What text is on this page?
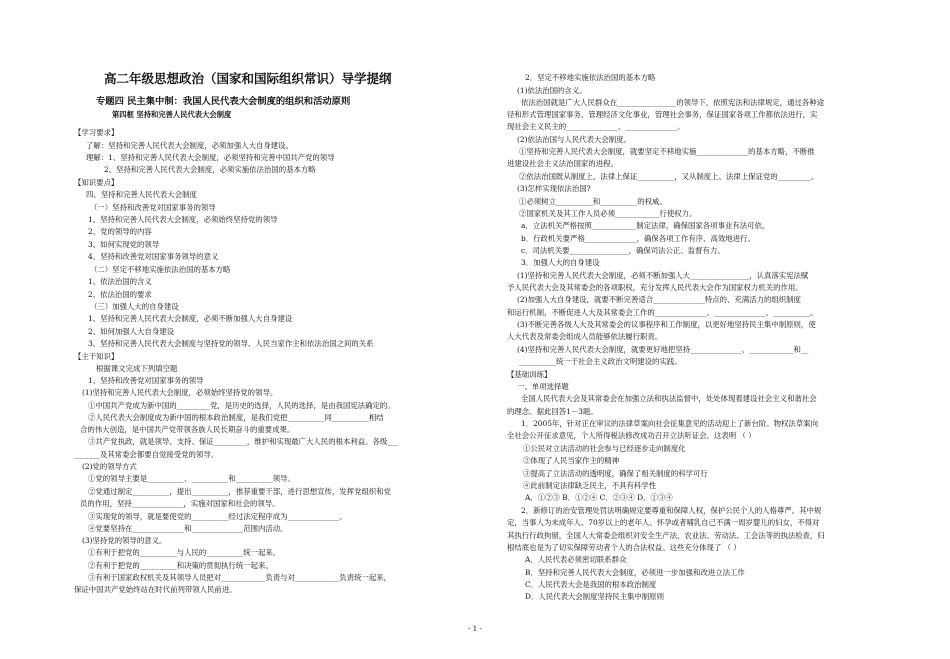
高二年级思想政治（国家和国际组织常识）导学提纲
专题四 民主集中制：我国人民代表大会制度的组织和活动原则
第四框 坚持和完善人民代表大会制度
【学习要求】
了解：坚持和完善人民代表大会制度，必须加强人大自身建设。
理解：1、坚持和完善人民代表大会制度，必须坚持和完善中国共产党的领导
2、坚持和完善人民代表大会制度，必须实施依法治国的基本方略
【知识要点】
四、坚持和完善人民代表大会制度
（一）坚持和改善党对国家事务的领导
1、坚持和完善人民代表大会制度，必须始终坚持党的领导
2、党的领导的内容
3、如何实现党的领导
4、坚持和改善党对国家事务领导的意义
（二）坚定不移地实施依法治国的基本方略
1、依法治国的含义
2、依法治国的要求
（三）加强人大的自身建设
1、坚持和完善人民代表大会制度，必须不断加强人大自身建设
2、如何加强人大自身建设
3、坚持和完善人民代表大会制度与坚持党的领导、人民当家作主和依法治国之间的关系
【主干知识】
根据课文完成下列填空题
1、坚持和改善党对国家事务的领导
(1)坚持和完善人民代表大会制度，必须始终坚持党的领导。
①中国共产党成为新中国的_________党，是历史的选择，人民的选择，是由我国宪法确定的。
②人民代表大会制度成为新中国的根本政治制度，是我们党把__________同__________相结
合的伟大创造，是中国共产党带领各族人民长期奋斗的重要成果。
③共产党执政，就是领导、支持、保证_________，维护和实现最广大人民的根本利益。各级___
_______及其常委会都要自觉接受党的领导。
(2)党的领导方式
①党的领导主要是__________、__________和__________领导。
②党通过制定__________，提出__________，推荐重要干部，进行思想宣传，发挥党组织和党
员的作用，坚持______________，实施对国家和社会的领导。
③实现党的领导，就是要使党的__________经过法定程序成为______________。
④党要坚持在______________和______________范围内活动。
(3)坚持党的领导的意义。
①有利于把党的__________与人民的__________统一起来。
②有利于把党的__________和决策的贯彻执行统一起来。
③有利于国家政权机关及其领导人员把对____________负责与对____________负责统一起来，
保证中国共产党始终站在时代前列带领人民前进。
2．坚定不移地实施依法治国的基本方略
(1)依法治国的含义。
依法治国就是广大人民群众在________________的领导下，依照宪法和法律规定，通过各种途
径和形式管理国家事务，管理经济文化事业，管理社会事务，保证国家各项工作都依法进行，实
现社会主义民主的______________、______________。
(2)依法治国与人民代表大会制度。
①坚持和完善人民代表大会制度，就要坚定不移地实施______________的基本方略，不断推
进建设社会主义法治国家的进程。
②依法治国既从制度上、法律上保证__________，又从制度上、法律上保证党的_________。
(3)怎样实现依法治国?
①必须树立__________和__________的权威。
②国家机关及其工作人员必须____________行使权力。
a．立法机关严格按照____________制定法律，确保国家各项事业有法可依。
b．行政机关要严格______________，确保各项工作有序、高效地进行。
c．司法机关要________________，确保司法公正、监督有力。
3．加强人大的自身建设
(1)坚持和完善人民代表大会制度，必须不断加强人大________________，认真落实宪法赋
予人民代表大会及其常委会的各项职权，充分发挥人民代表大会作为国家权力机关的作用。
(2)加强人大自身建设，就要不断完善适合______________特点的、充满活力的组织制度
和运行机制，不断促进人大及其常委会工作的______________、______________、__________。
(3)不断完善各级人大及其常委会的议事程序和工作制度，以更好地坚持民主集中制原则，使
人大代表及常委会组成人员能够依法履行职责。
(4)坚持和完善人民代表大会制度，就要更好地把坚持______________、____________和__
__________统一于社会主义政治文明建设的实践。
【基础训练】
一、单项选择题
全国人民代表大会及其常委会在加强立法和执法监督中，处处体现着建设社会主义和谐社会
的理念。据此回答1－3题。
1．2005年，针对正在审议的法律草案向社会征集意见的活动迎上了新台阶。物权法草案向
全社会公开征求意见，个人所得税法修改成功召开立法听证会。这表明 （ ）
①公民对立法活动的社会参与已经逐步走向制度化
②体现了人民当家作主的精神
③提高了立法活动的透明度，确保了相关制度的科学可行
④此前制定法律缺乏民主，不具有科学性
A．①②③ B．①②④ C．②③④ D．①③④
2．新修订的治安管理处罚法明确规定要尊重和保障人权，保护公民个人的人格尊严。其中规
定，当事人为未成年人、70岁以上的老年人、怀孕或者哺乳自己不满一周岁婴儿的妇女，不得对
其执行行政拘留，全国人大常委会组织对安全生产法、农业法、劳动法、工会法等的执法检查，归
根结底也是为了切实保障劳动者个人的合法权益。这些充分体现了 （ ）
A．人民代表必须密切联系群众
B．坚持和完善人民代表大会制度，必须进一步加强和改进立法工作
C．人民代表大会是我国的根本政治制度
D．人民代表大会制度坚持民主集中制原则
- 1 -
